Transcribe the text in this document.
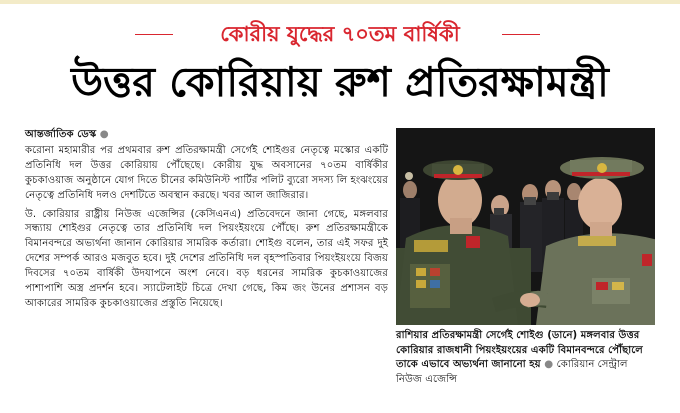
কোরীয় যুদ্ধের ৭০তম বার্ষিকী
উত্তর কোরিয়ায় রুশ প্রতিরক্ষামন্ত্রী
আন্তর্জাতিক ডেস্ক ●

করোনা মহামারীর পর প্রথমবার রুশ প্রতিরক্ষামন্ত্রী সের্গেই শোইগুর নেতৃত্বে মস্কোর একটি প্রতিনিধি দল উত্তর কোরিয়ায় পৌঁছেছে। কোরীয় যুদ্ধ অবসানের ৭০তম বার্ষিকীর কুচকাওয়াজ অনুষ্ঠানে যোগ দিতে চীনের কমিউনিস্ট পার্টির পলিট ব্যুরো সদস্য লি হংঝংয়ের নেতৃত্বে প্রতিনিধি দলও দেশটিতে অবস্থান করছে। খবর আল জাজিরার।

উ. কোরিয়ার রাষ্ট্রীয় নিউজ এজেন্সির (কেসিএনএ) প্রতিবেদনে জানা গেছে, মঙ্গলবার সন্ধ্যায় শোইগুর নেতৃত্বে তার প্রতিনিধি দল পিয়ংইয়ংয়ে পৌঁছে। রুশ প্রতিরক্ষামন্ত্রীকে বিমানবন্দরে অভ্যর্থনা জানান কোরিয়ার সামরিক কর্তারা। শোইগু বলেন, তার এই সফর দুই দেশের সম্পর্ক আরও মজবুত হবে। দুই দেশের প্রতিনিধি দল বৃহস্পতিবার পিয়ংইয়ংয়ে বিজয় দিবসের ৭০তম বার্ষিকী উদযাপনে অংশ নেবে। বড় ধরনের সামরিক কুচকাওয়াজের পাশাপাশি অস্ত্র প্রদর্শন হবে। স্যাটেলাইট চিত্রে দেখা গেছে, কিম জং উনের প্রশাসন বড় আকারের সামরিক কুচকাওয়াজের প্রস্তুতি নিয়েছে।

রাশিয়ার প্রতিরক্ষামন্ত্রী সের্গেই শোইগু (ডানে) মঙ্গলবার উত্তর কোরিয়ার রাজধানী পিয়ংইয়ংয়ের একটি বিমানবন্দরে পৌঁছালে তাকে এভাবে অভ্যর্থনা জানানো হয় ● কোরিয়ান সেন্ট্রাল নিউজ এজেন্সি
